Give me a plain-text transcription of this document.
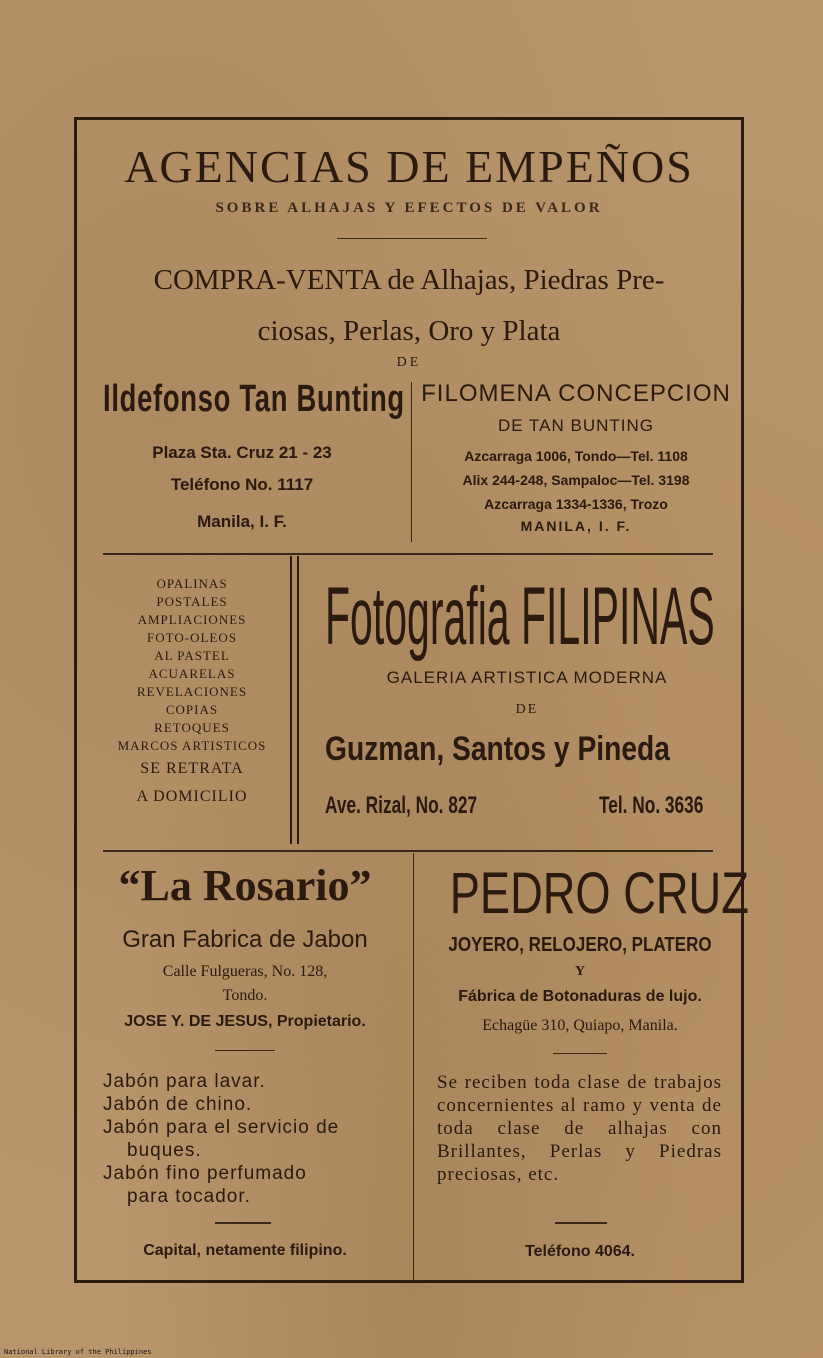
AGENCIAS DE EMPEÑOS
SOBRE ALHAJAS Y EFECTOS DE VALOR
COMPRA-VENTA de Alhajas, Piedras Pre-
ciosas, Perlas, Oro y Plata
DE
Ildefonso Tan Bunting
Plaza Sta. Cruz 21 - 23
Teléfono No. 1117
Manila, I. F.
FILOMENA CONCEPCION
DE TAN BUNTING
Azcarraga 1006, Tondo—Tel. 1108
Alix 244-248, Sampaloc—Tel. 3198
Azcarraga 1334-1336, Trozo
MANILA, I. F.
OPALINAS
POSTALES
AMPLIACIONES
FOTO-OLEOS
AL PASTEL
ACUARELAS
REVELACIONES
COPIAS
RETOQUES
MARCOS ARTISTICOS
SE RETRATA
A DOMICILIO
Fotografia FILIPINAS
GALERIA ARTISTICA MODERNA
DE
Guzman, Santos y Pineda
Ave. Rizal, No. 827	Tel. No. 3636
“La Rosario”
Gran Fabrica de Jabon
Calle Fulgueras, No. 128,
Tondo.
JOSE Y. DE JESUS, Propietario.
Jabón para lavar.
Jabón de chino.
Jabón para el servicio de
buques.
Jabón fino perfumado
para tocador.
Capital, netamente filipino.
PEDRO CRUZ
JOYERO, RELOJERO, PLATERO
Y
Fábrica de Botonaduras de lujo.
Echagüe 310, Quiapo, Manila.
Se reciben toda clase de trabajos concernientes al ramo y venta de toda clase de alhajas con Brillantes, Perlas y Piedras preciosas, etc.
Teléfono 4064.
National Library of the Philippines
